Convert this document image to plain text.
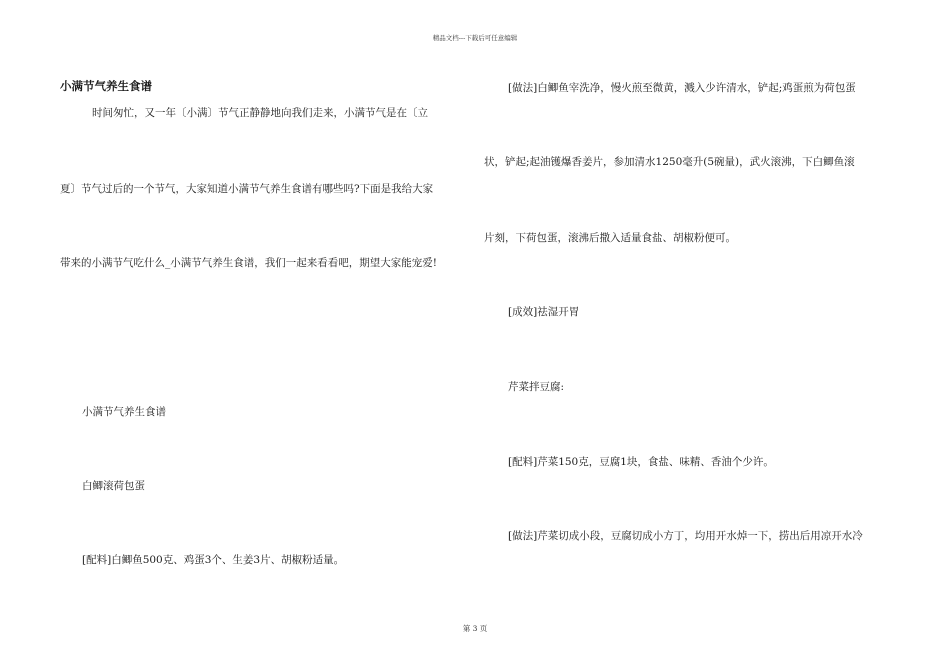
精品文档---下载后可任意编辑
小满节气养生食谱
时间匆忙，又一年〔小满〕节气正静静地向我们走来，小满节气是在〔立
夏〕节气过后的一个节气，大家知道小满节气养生食谱有哪些吗?下面是我给大家
带来的小满节气吃什么_小满节气养生食谱，我们一起来看看吧，期望大家能宠爱!
小满节气养生食谱
白鲫滚荷包蛋
[配料]白鲫鱼500克、鸡蛋3个、生姜3片、胡椒粉适量。
[做法]白鲫鱼宰洗净，慢火煎至微黄，溅入少许清水，铲起;鸡蛋煎为荷包蛋
状，铲起;起油镬爆香姜片，参加清水1250毫升(5碗量)，武火滚沸，下白鲫鱼滚
片刻，下荷包蛋，滚沸后撒入适量食盐、胡椒粉便可。
[成效]祛湿开胃
芹菜拌豆腐:
[配料]芹菜150克，豆腐1块，食盐、味精、香油个少许。
[做法]芹菜切成小段，豆腐切成小方丁，均用开水焯一下，捞出后用凉开水冷
第 3 页
